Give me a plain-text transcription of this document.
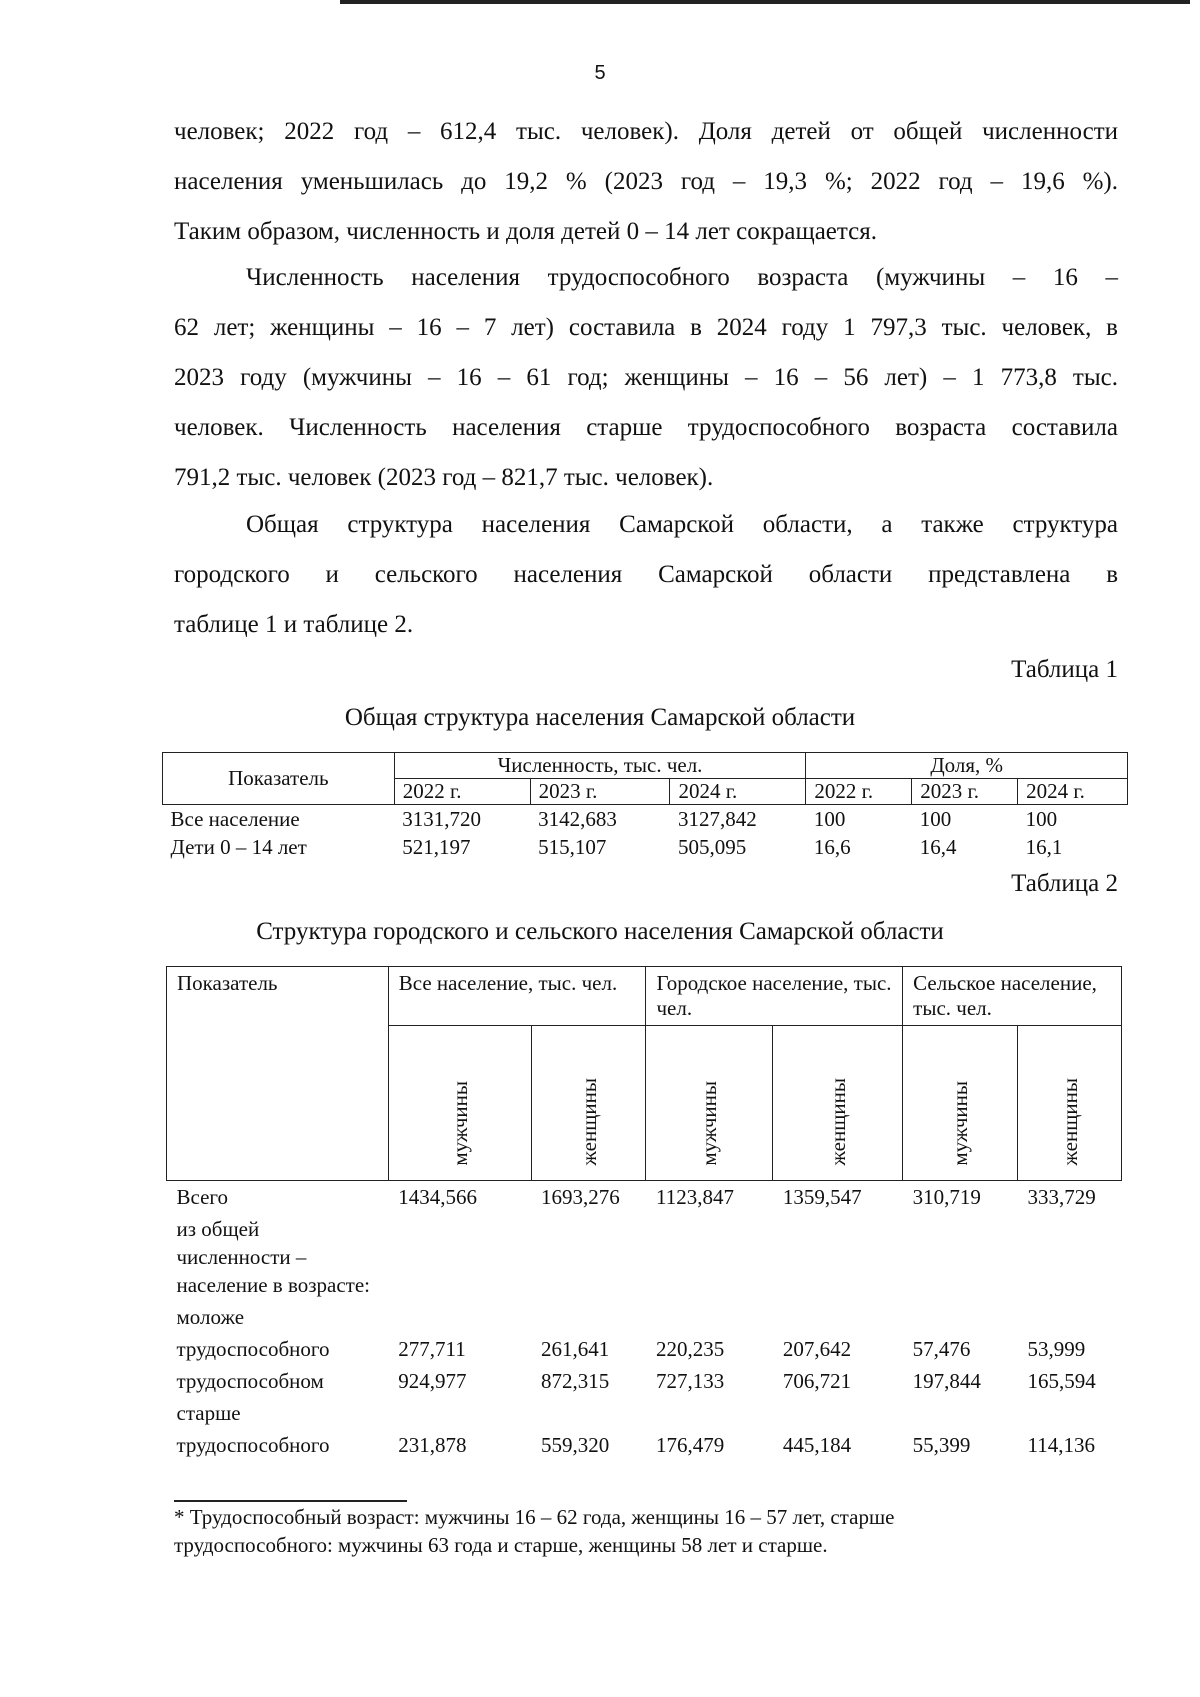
5
человек; 2022 год – 612,4 тыс. человек). Доля детей от общей численности
населения уменьшилась до 19,2 % (2023 год – 19,3 %; 2022 год – 19,6 %).
Таким образом, численность и доля детей 0 – 14 лет сокращается.
Численность населения трудоспособного возраста (мужчины – 16 –
62 лет; женщины – 16 – 7 лет) составила в 2024 году 1 797,3 тыс. человек, в
2023 году (мужчины – 16 – 61 год; женщины – 16 – 56 лет) – 1 773,8 тыс.
человек. Численность населения старше трудоспособного возраста составила
791,2 тыс. человек (2023 год – 821,7 тыс. человек).
Общая структура населения Самарской области, а также структура
городского и сельского населения Самарской области представлена в
таблице 1 и таблице 2.
Таблица 1
Общая структура населения Самарской области
Показатель	Численность, тыс. чел.			Доля, %		
	2022 г.	2023 г.	2024 г.	2022 г.	2023 г.	2024 г.
Все население	3131,720	3142,683	3127,842	100	100	100
Дети 0 – 14 лет	521,197	515,107	505,095	16,6	16,4	16,1
Таблица 2
Структура городского и сельского населения Самарской области
Показатель	Все население, тыс. чел.		Городское население, тыс. чел.		Сельское население, тыс. чел.	
	мужчины	женщины	мужчины	женщины	мужчины	женщины
Всего	1434,566	1693,276	1123,847	1359,547	310,719	333,729
из общей численности – население в возрасте:						
моложе						
трудоспособного	277,711	261,641	220,235	207,642	57,476	53,999
трудоспособном	924,977	872,315	727,133	706,721	197,844	165,594
старше						
трудоспособного	231,878	559,320	176,479	445,184	55,399	114,136
* Трудоспособный возраст: мужчины 16 – 62 года, женщины 16 – 57 лет, старше
трудоспособного: мужчины 63 года и старше, женщины 58 лет и старше.
